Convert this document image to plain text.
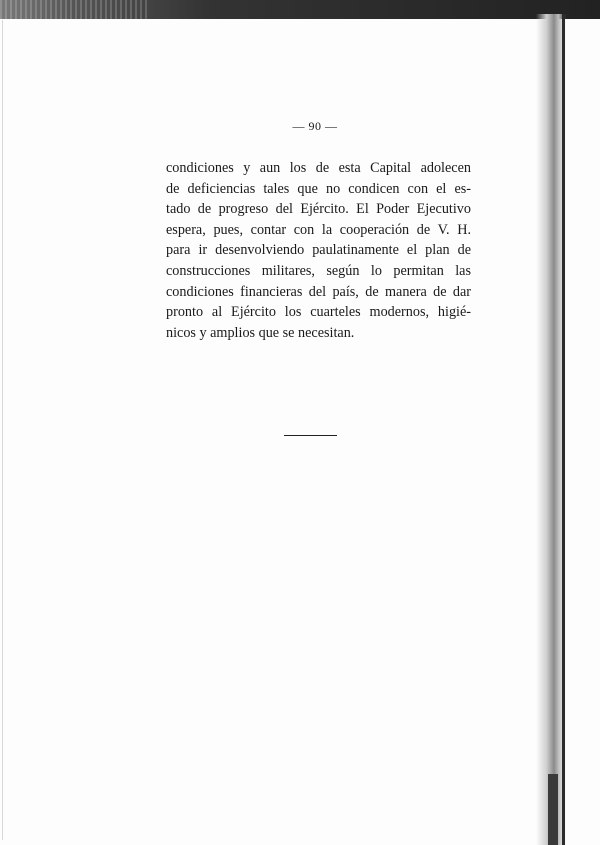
— 90 —
condiciones y aun los de esta Capital adolecen
de deficiencias tales que no condicen con el es-
tado de progreso del Ejército. El Poder Ejecutivo
espera, pues, contar con la cooperación de V. H.
para ir desenvolviendo paulatinamente el plan de
construcciones militares, según lo permitan las
condiciones financieras del país, de manera de dar
pronto al Ejército los cuarteles modernos, higié-
nicos y amplios que se necesitan.
